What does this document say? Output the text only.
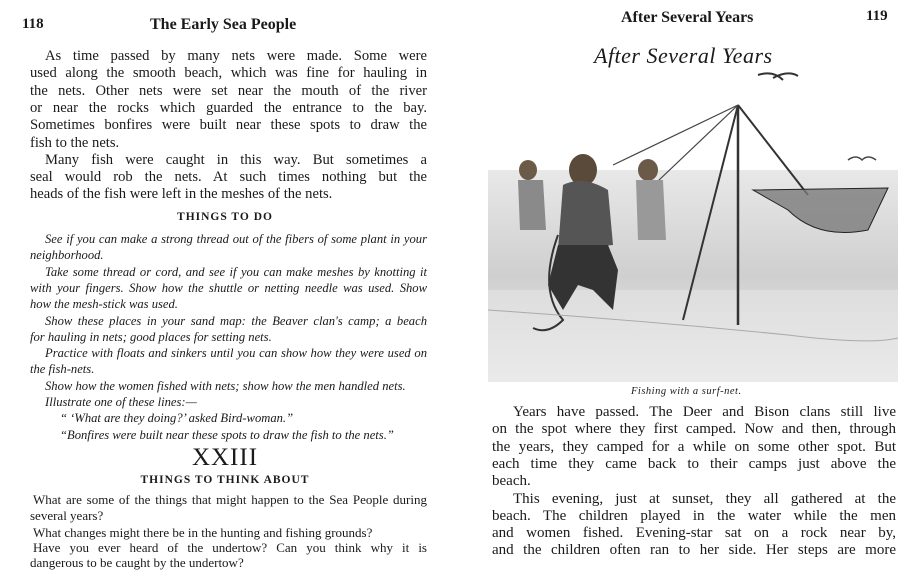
118	The Early Sea People
As time passed by many nets were made. Some were
used along the smooth beach, which was fine for hauling in
the nets. Other nets were set near the mouth of the river
or near the rocks which guarded the entrance to the bay.
Sometimes bonfires were built near these spots to draw the
fish to the nets.
Many fish were caught in this way. But sometimes a
seal would rob the nets. At such times nothing but the
heads of the fish were left in the meshes of the nets.
THINGS TO DO
See if you can make a strong thread out of the fibers of some plant in your
neighborhood.
Take some thread or cord, and see if you can make meshes by knotting it
with your fingers. Show how the shuttle or netting needle was used. Show
how the mesh-stick was used.
Show these places in your sand map: the Beaver clan's camp; a beach
for hauling in nets; good places for setting nets.
Practice with floats and sinkers until you can show how they were used on
the fish-nets.
Show how the women fished with nets; show how the men handled nets.
Illustrate one of these lines:—
“ ‘What are they doing?’ asked Bird-woman.”
“Bonfires were built near these spots to draw the fish to the nets.”
XXIII
THINGS TO THINK ABOUT
What are some of the things that might happen to the Sea People during
several years?
What changes might there be in the hunting and fishing grounds?
Have you ever heard of the undertow? Can you think why it is
dangerous to be caught by the undertow?
After Several Years	119
After Several Years
Fishing with a surf-net.
Years have passed. The Deer and Bison clans still live
on the spot where they first camped. Now and then, through
the years, they camped for a while on some other spot. But
each time they came back to their camps just above the
beach.
This evening, just at sunset, they all gathered at the
beach. The children played in the water while the men
and women fished. Evening-star sat on a rock near by,
and the children often ran to her side. Her steps are more
